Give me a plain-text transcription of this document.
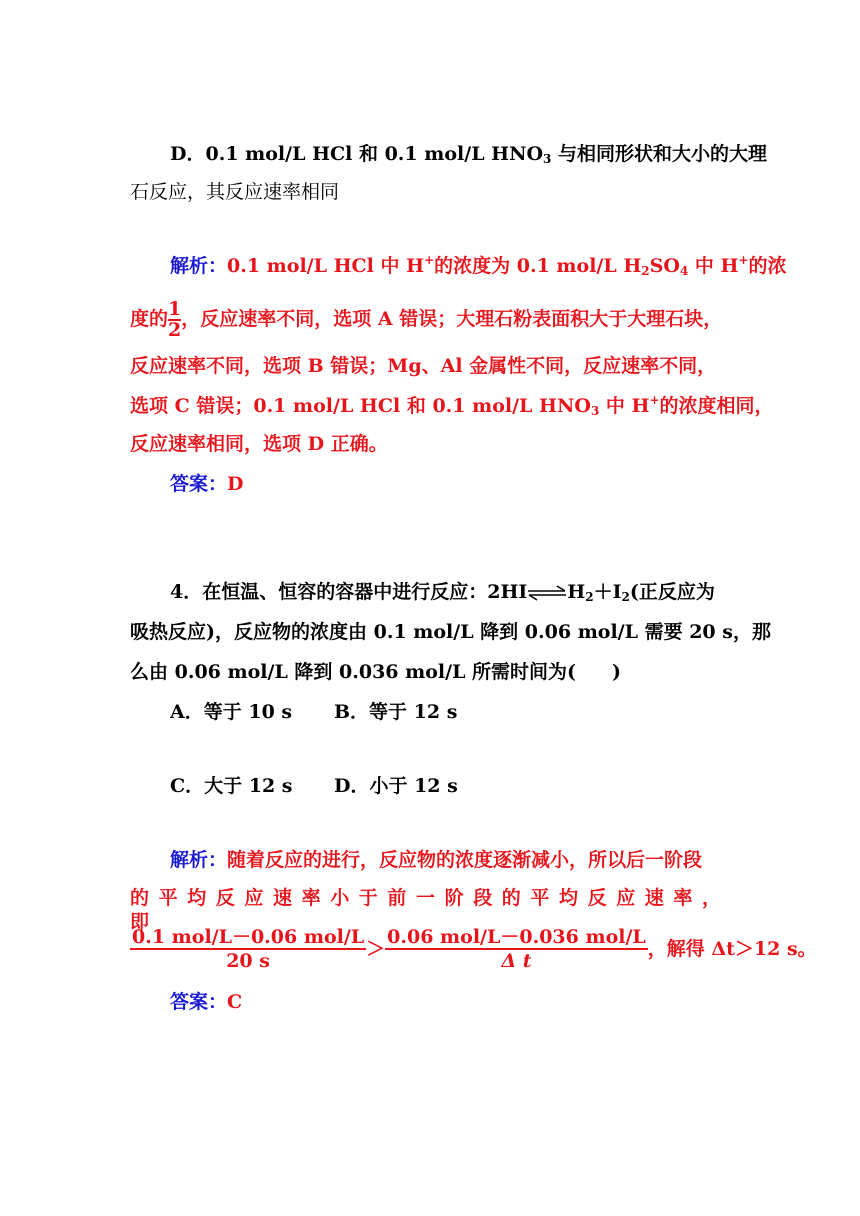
D．0.1 mol/L HCl 和 0.1 mol/L $HNO_3$ 与相同形状和大小的大理
石反应，其反应速率相同
解析：0.1 mol/L HCl 中 H+的浓度为 0.1 mol/L $H_2SO_4$ 中 H+的浓
度的 $\frac{1}{2}$ ，反应速率不同，选项 A 错误；大理石粉表面积大于大理石块，
反应速率不同，选项 B 错误；Mg、Al 金属性不同，反应速率不同，
选项 C 错误；0.1 mol/L HCl 和 0.1 mol/L $HNO_3$ 中 H+的浓度相同，
反应速率相同，选项 D 正确。
答案：D
4．在恒温、恒容的容器中进行反应：$2HI\rightleftharpoons H_2+I_2$(正反应为
吸热反应)，反应物的浓度由 0.1 mol/L 降到 0.06 mol/L 需要 20 s，那
么由 0.06 mol/L 降到 0.036 mol/L 所需时间为( )
A．等于 10 s B．等于 12 s
C．大于 12 s D．小于 12 s
解析：随着反应的进行，反应物的浓度逐渐减小，所以后一阶段
的平均反应速率小于前一阶段的平均反应速率，即
$\frac{\text{0.1 mol/L－0.06 mol/L}}{20 s} > \frac{\text{0.06 mol/L－0.036 mol/L}}{\text{Δ t}}$ ，解得 Δt＞12 s。
答案：C
